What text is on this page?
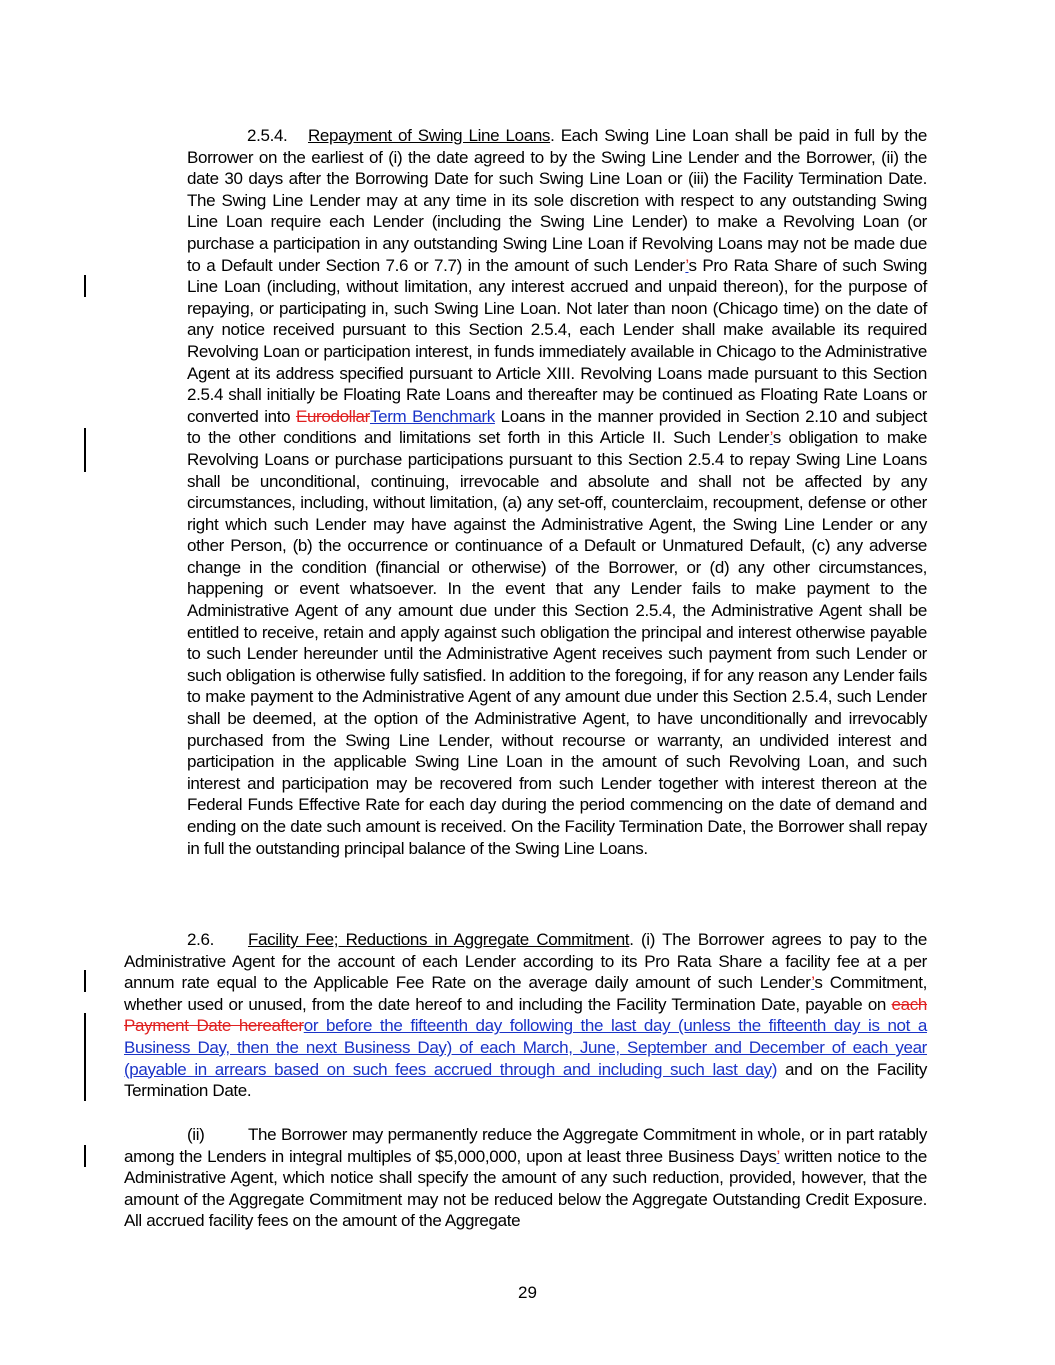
2.5.4. Repayment of Swing Line Loans. Each Swing Line Loan shall be paid in full by the Borrower on the earliest of (i) the date agreed to by the Swing Line Lender and the Borrower, (ii) the date 30 days after the Borrowing Date for such Swing Line Loan or (iii) the Facility Termination Date. The Swing Line Lender may at any time in its sole discretion with respect to any outstanding Swing Line Loan require each Lender (including the Swing Line Lender) to make a Revolving Loan (or purchase a participation in any outstanding Swing Line Loan if Revolving Loans may not be made due to a Default under Section 7.6 or 7.7) in the amount of such Lender’s Pro Rata Share of such Swing Line Loan (including, without limitation, any interest accrued and unpaid thereon), for the purpose of repaying, or participating in, such Swing Line Loan. Not later than noon (Chicago time) on the date of any notice received pursuant to this Section 2.5.4, each Lender shall make available its required Revolving Loan or participation interest, in funds immediately available in Chicago to the Administrative Agent at its address specified pursuant to Article XIII. Revolving Loans made pursuant to this Section 2.5.4 shall initially be Floating Rate Loans and thereafter may be continued as Floating Rate Loans or converted into EurodollarTerm Benchmark Loans in the manner provided in Section 2.10 and subject to the other conditions and limitations set forth in this Article II. Such Lender’s obligation to make Revolving Loans or purchase participations pursuant to this Section 2.5.4 to repay Swing Line Loans shall be unconditional, continuing, irrevocable and absolute and shall not be affected by any circumstances, including, without limitation, (a) any set-off, counterclaim, recoupment, defense or other right which such Lender may have against the Administrative Agent, the Swing Line Lender or any other Person, (b) the occurrence or continuance of a Default or Unmatured Default, (c) any adverse change in the condition (financial or otherwise) of the Borrower, or (d) any other circumstances, happening or event whatsoever. In the event that any Lender fails to make payment to the Administrative Agent of any amount due under this Section 2.5.4, the Administrative Agent shall be entitled to receive, retain and apply against such obligation the principal and interest otherwise payable to such Lender hereunder until the Administrative Agent receives such payment from such Lender or such obligation is otherwise fully satisfied. In addition to the foregoing, if for any reason any Lender fails to make payment to the Administrative Agent of any amount due under this Section 2.5.4, such Lender shall be deemed, at the option of the Administrative Agent, to have unconditionally and irrevocably purchased from the Swing Line Lender, without recourse or warranty, an undivided interest and participation in the applicable Swing Line Loan in the amount of such Revolving Loan, and such interest and participation may be recovered from such Lender together with interest thereon at the Federal Funds Effective Rate for each day during the period commencing on the date of demand and ending on the date such amount is received. On the Facility Termination Date, the Borrower shall repay in full the outstanding principal balance of the Swing Line Loans.
2.6. Facility Fee; Reductions in Aggregate Commitment. (i) The Borrower agrees to pay to the Administrative Agent for the account of each Lender according to its Pro Rata Share a facility fee at a per annum rate equal to the Applicable Fee Rate on the average daily amount of such Lender’s Commitment, whether used or unused, from the date hereof to and including the Facility Termination Date, payable on each Payment Date hereafteror before the fifteenth day following the last day (unless the fifteenth day is not a Business Day, then the next Business Day) of each March, June, September and December of each year (payable in arrears based on such fees accrued through and including such last day) and on the Facility Termination Date.
(ii)	The Borrower may permanently reduce the Aggregate Commitment in whole, or in part ratably among the Lenders in integral multiples of $5,000,000, upon at least three Business Days’ written notice to the Administrative Agent, which notice shall specify the amount of any such reduction, provided, however, that the amount of the Aggregate Commitment may not be reduced below the Aggregate Outstanding Credit Exposure. All accrued facility fees on the amount of the Aggregate
29
